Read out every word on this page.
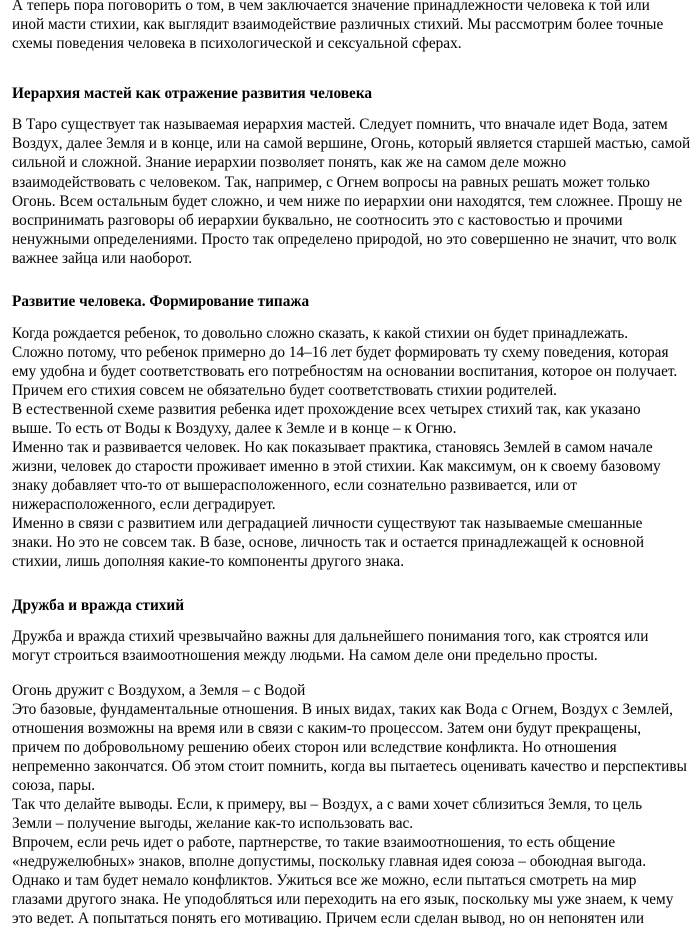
А теперь пора поговорить о том, в чем заключается значение принадлежности человека к той или
иной масти стихии, как выглядит взаимодействие различных стихий. Мы рассмотрим более точные
схемы поведения человека в психологической и сексуальной сферах.
Иерархия мастей как отражение развития человека
В Таро существует так называемая иерархия мастей. Следует помнить, что вначале идет Вода, затем
Воздух, далее Земля и в конце, или на самой вершине, Огонь, который является старшей мастью, самой
сильной и сложной. Знание иерархии позволяет понять, как же на самом деле можно
взаимодействовать с человеком. Так, например, с Огнем вопросы на равных решать может только
Огонь. Всем остальным будет сложно, и чем ниже по иерархии они находятся, тем сложнее. Прошу не
воспринимать разговоры об иерархии буквально, не соотносить это с кастовостью и прочими
ненужными определениями. Просто так определено природой, но это совершенно не значит, что волк
важнее зайца или наоборот.
Развитие человека. Формирование типажа
Когда рождается ребенок, то довольно сложно сказать, к какой стихии он будет принадлежать.
Сложно потому, что ребенок примерно до 14–16 лет будет формировать ту схему поведения, которая
ему удобна и будет соответствовать его потребностям на основании воспитания, которое он получает.
Причем его стихия совсем не обязательно будет соответствовать стихии родителей.
В естественной схеме развития ребенка идет прохождение всех четырех стихий так, как указано
выше. То есть от Воды к Воздуху, далее к Земле и в конце – к Огню.
Именно так и развивается человек. Но как показывает практика, становясь Землей в самом начале
жизни, человек до старости проживает именно в этой стихии. Как максимум, он к своему базовому
знаку добавляет что-то от вышерасположенного, если сознательно развивается, или от
нижерасположенного, если деградирует.
Именно в связи с развитием или деградацией личности существуют так называемые смешанные
знаки. Но это не совсем так. В базе, основе, личность так и остается принадлежащей к основной
стихии, лишь дополняя какие-то компоненты другого знака.
Дружба и вражда стихий
Дружба и вражда стихий чрезвычайно важны для дальнейшего понимания того, как строятся или
могут строиться взаимоотношения между людьми. На самом деле они предельно просты.
Огонь дружит с Воздухом, а Земля – с Водой
Это базовые, фундаментальные отношения. В иных видах, таких как Вода с Огнем, Воздух с Землей,
отношения возможны на время или в связи с каким-то процессом. Затем они будут прекращены,
причем по добровольному решению обеих сторон или вследствие конфликта. Но отношения
непременно закончатся. Об этом стоит помнить, когда вы пытаетесь оценивать качество и перспективы
союза, пары.
Так что делайте выводы. Если, к примеру, вы – Воздух, а с вами хочет сблизиться Земля, то цель
Земли – получение выгоды, желание как-то использовать вас.
Впрочем, если речь идет о работе, партнерстве, то такие взаимоотношения, то есть общение
«недружелюбных» знаков, вполне допустимы, поскольку главная идея союза – обоюдная выгода.
Однако и там будет немало конфликтов. Ужиться все же можно, если пытаться смотреть на мир
глазами другого знака. Не уподобляться или переходить на его язык, поскольку мы уже знаем, к чему
это ведет. А попытаться понять его мотивацию. Причем если сделан вывод, но он непонятен или
